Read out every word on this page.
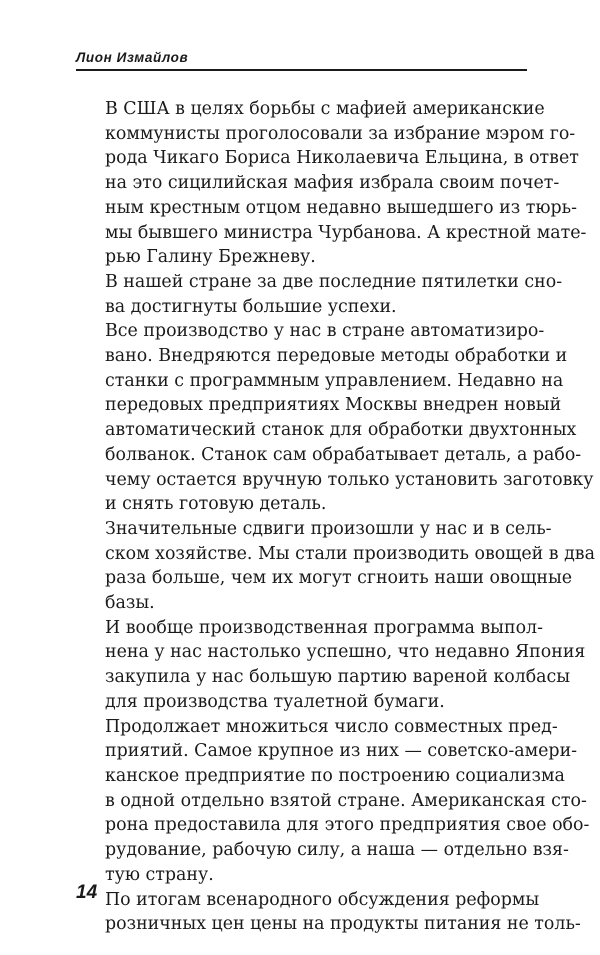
Лион Измайлов

В США в целях борьбы с мафией американские
коммунисты проголосовали за избрание мэром го-
рода Чикаго Бориса Николаевича Ельцина, в ответ
на это сицилийская мафия избрала своим почет-
ным крестным отцом недавно вышедшего из тюрь-
мы бывшего министра Чурбанова. А крестной мате-
рью Галину Брежневу.

В нашей стране за две последние пятилетки сно-
ва достигнуты большие успехи.

Все производство у нас в стране автоматизиро-
вано. Внедряются передовые методы обработки и
станки с программным управлением. Недавно на
передовых предприятиях Москвы внедрен новый
автоматический станок для обработки двухтонных
болванок. Станок сам обрабатывает деталь, а рабо-
чему остается вручную только установить заготовку
и снять готовую деталь.

Значительные сдвиги произошли у нас и в сель-
ском хозяйстве. Мы стали производить овощей в два
раза больше, чем их могут сгноить наши овощные
базы.

И вообще производственная программа выпол-
нена у нас настолько успешно, что недавно Япония
закупила у нас большую партию вареной колбасы
для производства туалетной бумаги.

Продолжает множиться число совместных пред-
приятий. Самое крупное из них — советско-амери-
канское предприятие по построению социализма
в одной отдельно взятой стране. Американская сто-
рона предоставила для этого предприятия свое обо-
рудование, рабочую силу, а наша — отдельно взя-
тую страну.

По итогам всенародного обсуждения реформы
розничных цен цены на продукты питания не толь-

14
